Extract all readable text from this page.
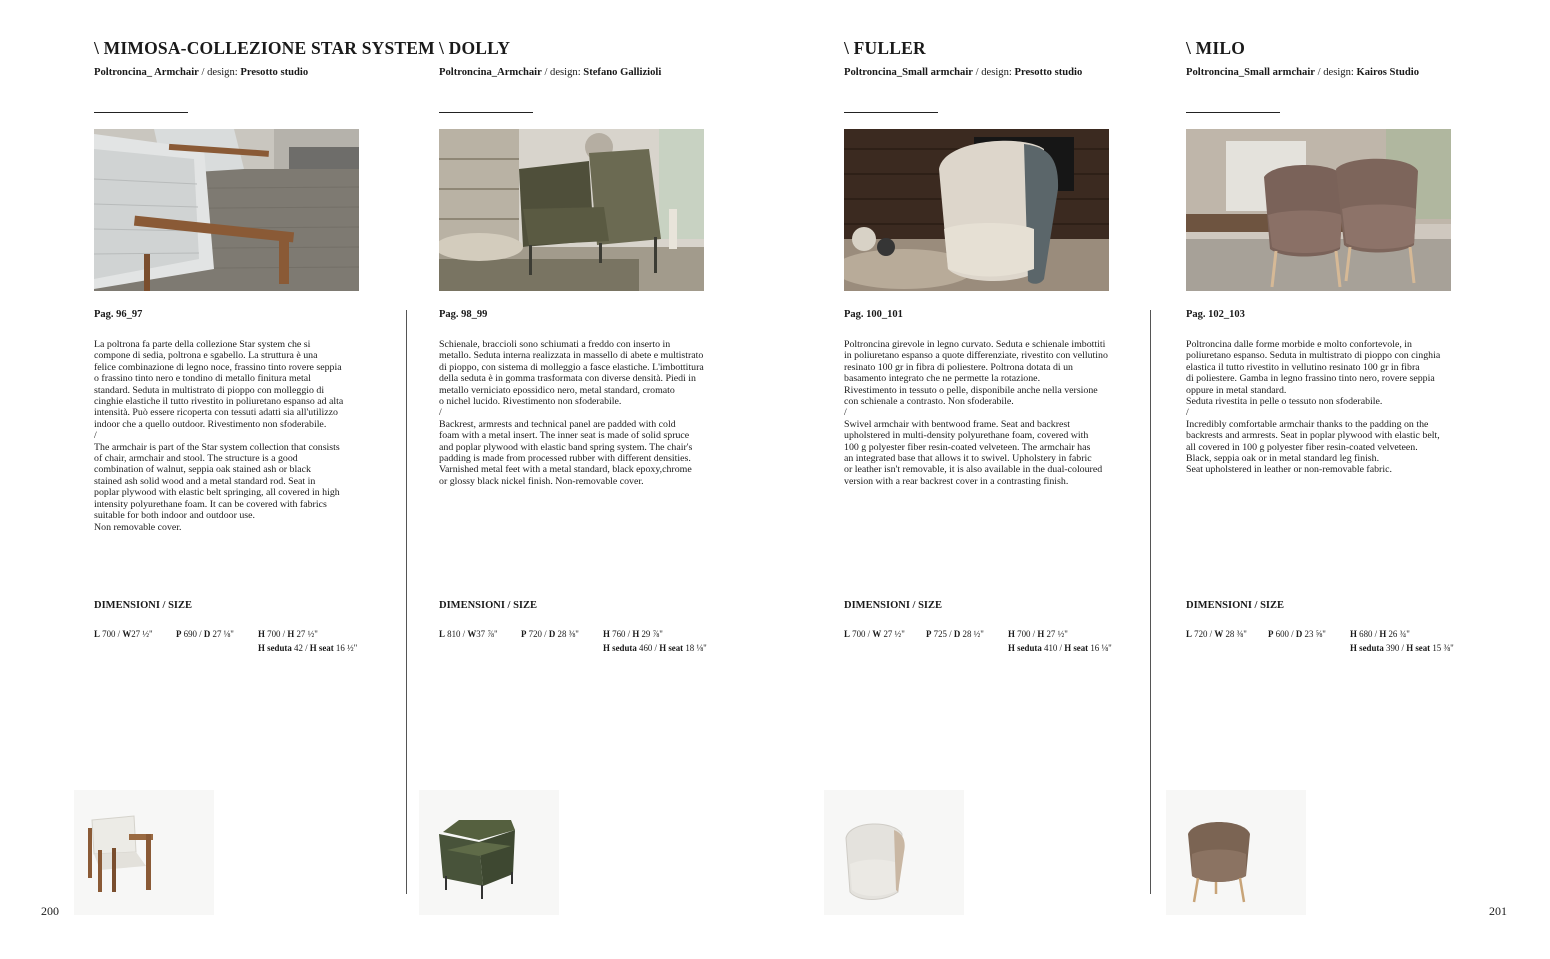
\ MIMOSA-COLLEZIONE STAR SYSTEM
Poltroncina_ Armchair / design: Presotto studio
Pag. 96_97

La poltrona fa parte della collezione Star system che si

compone di sedia, poltrona e sgabello. La struttura è una

felice combinazione di legno noce, frassino tinto rovere seppia

o frassino tinto nero e tondino di metallo finitura metal

standard. Seduta in multistrato di pioppo con molleggio di

cinghie elastiche il tutto rivestito in poliuretano espanso ad alta

intensità. Può essere ricoperta con tessuti adatti sia all'utilizzo

indoor che a quello outdoor. Rivestimento non sfoderabile.

/

The armchair is part of the Star system collection that consists

of chair, armchair and stool. The structure is a good

combination of walnut, seppia oak stained ash or black

stained ash solid wood and a metal standard rod. Seat in

poplar plywood with elastic belt springing, all covered in high

intensity polyurethane foam. It can be covered with fabrics

suitable for both indoor and outdoor use.

Non removable cover.

DIMENSIONI / SIZE
L 700 / W27 ½"	P 690 / D 27 ⅛"	H 700 / H 27 ½"
H seduta 42 / H seat 16 ½"
\ DOLLY
Poltroncina_Armchair / design: Stefano Gallizioli
Pag. 98_99

Schienale, braccioli sono schiumati a freddo con inserto in

metallo. Seduta interna realizzata in massello di abete e multistrato

di pioppo, con sistema di molleggio a fasce elastiche. L'imbottitura

della seduta è in gomma trasformata con diverse densità. Piedi in

metallo verniciato epossidico nero, metal standard, cromato

o nichel lucido. Rivestimento non sfoderabile.

/

Backrest, armrests and technical panel are padded with cold

foam with a metal insert. The inner seat is made of solid spruce

and poplar plywood with elastic band spring system. The chair's

padding is made from processed rubber with different densities.

Varnished metal feet with a metal standard, black epoxy,chrome

or glossy black nickel finish. Non-removable cover.

DIMENSIONI / SIZE
L 810 / W37 ⅞"	P 720 / D 28 ⅜"	H 760 / H 29 ⅞"
H seduta 460 / H seat 18 ⅛"
\ FULLER
Poltroncina_Small armchair / design: Presotto studio
Pag. 100_101

Poltroncina girevole in legno curvato. Seduta e schienale imbottiti

in poliuretano espanso a quote differenziate, rivestito con vellutino

resinato 100 gr in fibra di poliestere. Poltrona dotata di un

basamento integrato che ne permette la rotazione.

Rivestimento in tessuto o pelle, disponibile anche nella versione

con schienale a contrasto. Non sfoderabile.

/

Swivel armchair with bentwood frame. Seat and backrest

upholstered in multi-density polyurethane foam, covered with

100 g polyester fiber resin-coated velveteen. The armchair has

an integrated base that allows it to swivel. Upholstery in fabric

or leather isn't removable, it is also available in the dual-coloured

version with a rear backrest cover in a contrasting finish.

DIMENSIONI / SIZE
L 700 / W 27 ½" P 725 / D 28 ½"	H 700 / H 27 ½"
H seduta 410 / H seat 16 ⅛"
\ MILO
Poltroncina_Small armchair / design: Kairos Studio
Pag. 102_103

Poltroncina dalle forme morbide e molto confortevole, in

poliuretano espanso. Seduta in multistrato di pioppo con cinghia

elastica il tutto rivestito in vellutino resinato 100 gr in fibra

di poliestere. Gamba in legno frassino tinto nero, rovere seppia

oppure in metal standard.

Seduta rivestita in pelle o tessuto non sfoderabile.

/

Incredibly comfortable armchair thanks to the padding on the

backrests and armrests. Seat in poplar plywood with elastic belt,

all covered in 100 g polyester fiber resin-coated velveteen.

Black, seppia oak or in metal standard leg finish.

Seat upholstered in leather or non-removable fabric.

DIMENSIONI / SIZE
L 720 / W 28 ⅜" P 600 / D 23 ⅝"	H 680 / H 26 ¾"
H seduta 390 / H seat 15 ⅜"
200	201
